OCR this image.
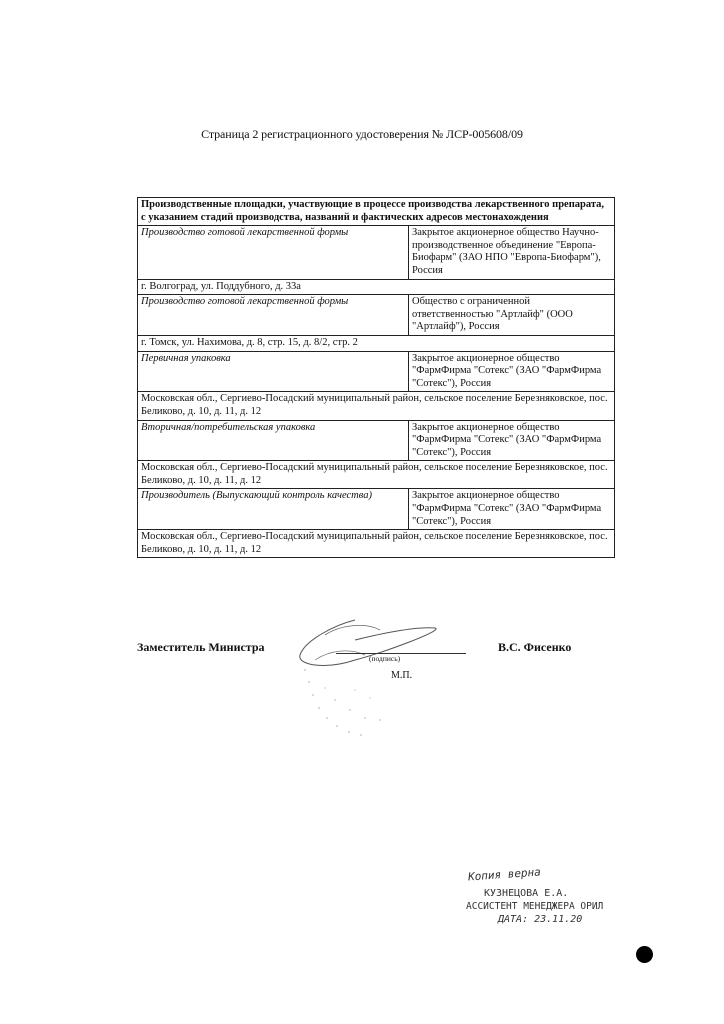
Страница 2 регистрационного удостоверения № ЛСР-005608/09
Производственные площадки, участвующие в процессе производства лекарственного препарата, с указанием стадий производства, названий и фактических адресов местонахождения	
Производство готовой лекарственной формы	Закрытое акционерное общество Научно-производственное объединение "Европа-Биофарм" (ЗАО НПО "Европа-Биофарм"), Россия
г. Волгоград, ул. Поддубного, д. 33а	
Производство готовой лекарственной формы	Общество с ограниченной ответственностью "Артлайф" (ООО "Артлайф"), Россия
г. Томск, ул. Нахимова, д. 8, стр. 15, д. 8/2, стр. 2	
Первичная упаковка	Закрытое акционерное общество "ФармФирма "Сотекс" (ЗАО "ФармФирма "Сотекс"), Россия
Московская обл., Сергиево-Посадский муниципальный район, сельское поселение Березняковское, пос. Беликово, д. 10, д. 11, д. 12	
Вторичная/потребительская упаковка	Закрытое акционерное общество "ФармФирма "Сотекс" (ЗАО "ФармФирма "Сотекс"), Россия
Московская обл., Сергиево-Посадский муниципальный район, сельское поселение Березняковское, пос. Беликово, д. 10, д. 11, д. 12	
Производитель (Выпускающий контроль качества)	Закрытое акционерное общество "ФармФирма "Сотекс" (ЗАО "ФармФирма "Сотекс"), Россия
Московская обл., Сергиево-Посадский муниципальный район, сельское поселение Березняковское, пос. Беликово, д. 10, д. 11, д. 12	
Заместитель Министра
(подпись)
М.П.
В.С. Фисенко
Копия верна
КУЗНЕЦОВА Е.А.
АССИСТЕНТ МЕНЕДЖЕРА ОРИЛ
ДАТА: 23.11.20
